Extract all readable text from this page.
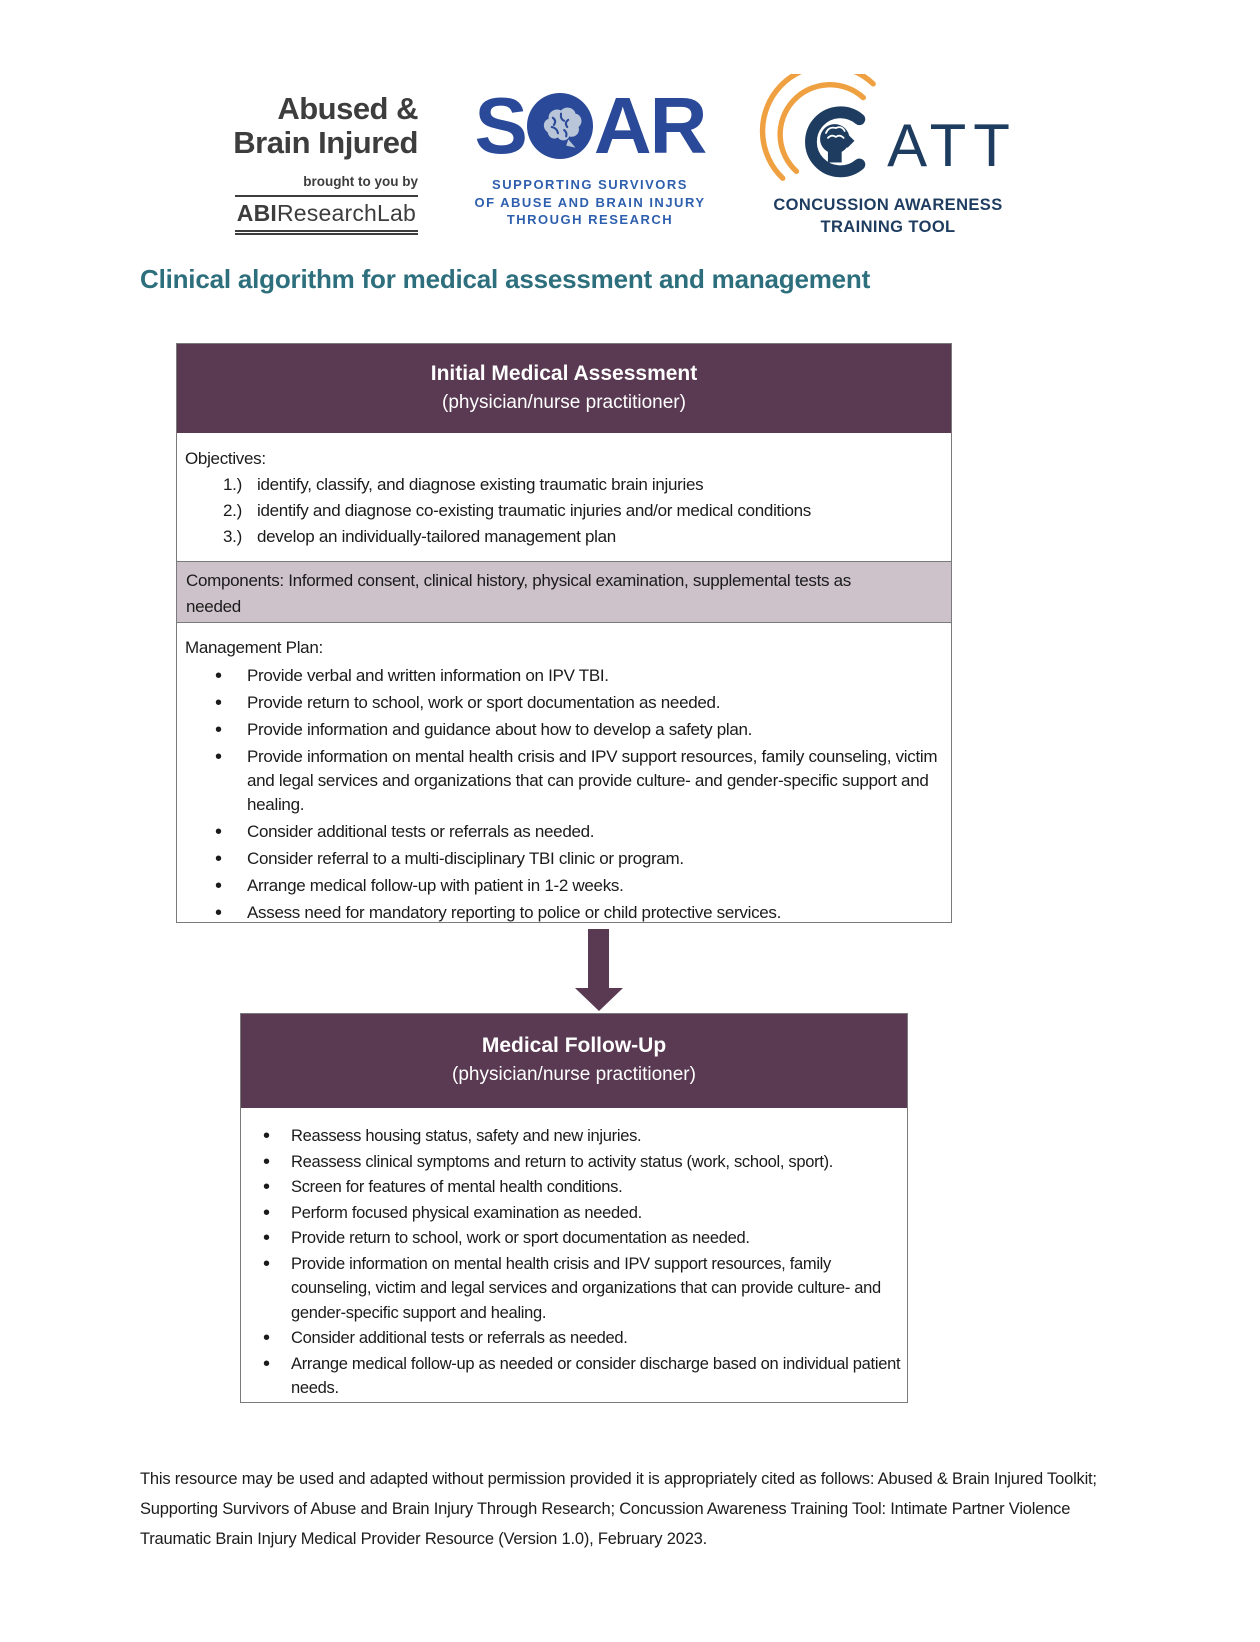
Abused &
Brain Injured
brought to you by
ABIResearchLab
S AR
SUPPORTING SURVIVORS
OF ABUSE AND BRAIN INJURY
THROUGH RESEARCH
ATT
CONCUSSION AWARENESS
TRAINING TOOL
Clinical algorithm for medical assessment and management
Initial Medical Assessment
(physician/nurse practitioner)
Objectives:
1.) identify, classify, and diagnose existing traumatic brain injuries
2.) identify and diagnose co-existing traumatic injuries and/or medical conditions
3.) develop an individually-tailored management plan
Components: Informed consent, clinical history, physical examination, supplemental tests as needed
Management Plan:
•
Provide verbal and written information on IPV TBI.
•
Provide return to school, work or sport documentation as needed.
•
Provide information and guidance about how to develop a safety plan.
•
Provide information on mental health crisis and IPV support resources, family counseling, victim and legal services and organizations that can provide culture- and gender-specific support and healing.
•
Consider additional tests or referrals as needed.
•
Consider referral to a multi-disciplinary TBI clinic or program.
•
Arrange medical follow-up with patient in 1-2 weeks.
•
Assess need for mandatory reporting to police or child protective services.
Medical Follow-Up
(physician/nurse practitioner)
•
Reassess housing status, safety and new injuries.
•
Reassess clinical symptoms and return to activity status (work, school, sport).
•
Screen for features of mental health conditions.
•
Perform focused physical examination as needed.
•
Provide return to school, work or sport documentation as needed.
•
Provide information on mental health crisis and IPV support resources, family counseling, victim and legal services and organizations that can provide culture- and gender-specific support and healing.
•
Consider additional tests or referrals as needed.
•
Arrange medical follow-up as needed or consider discharge based on individual patient needs.
This resource may be used and adapted without permission provided it is appropriately cited as follows: Abused & Brain Injured Toolkit;
Supporting Survivors of Abuse and Brain Injury Through Research; Concussion Awareness Training Tool: Intimate Partner Violence
Traumatic Brain Injury Medical Provider Resource (Version 1.0), February 2023.
